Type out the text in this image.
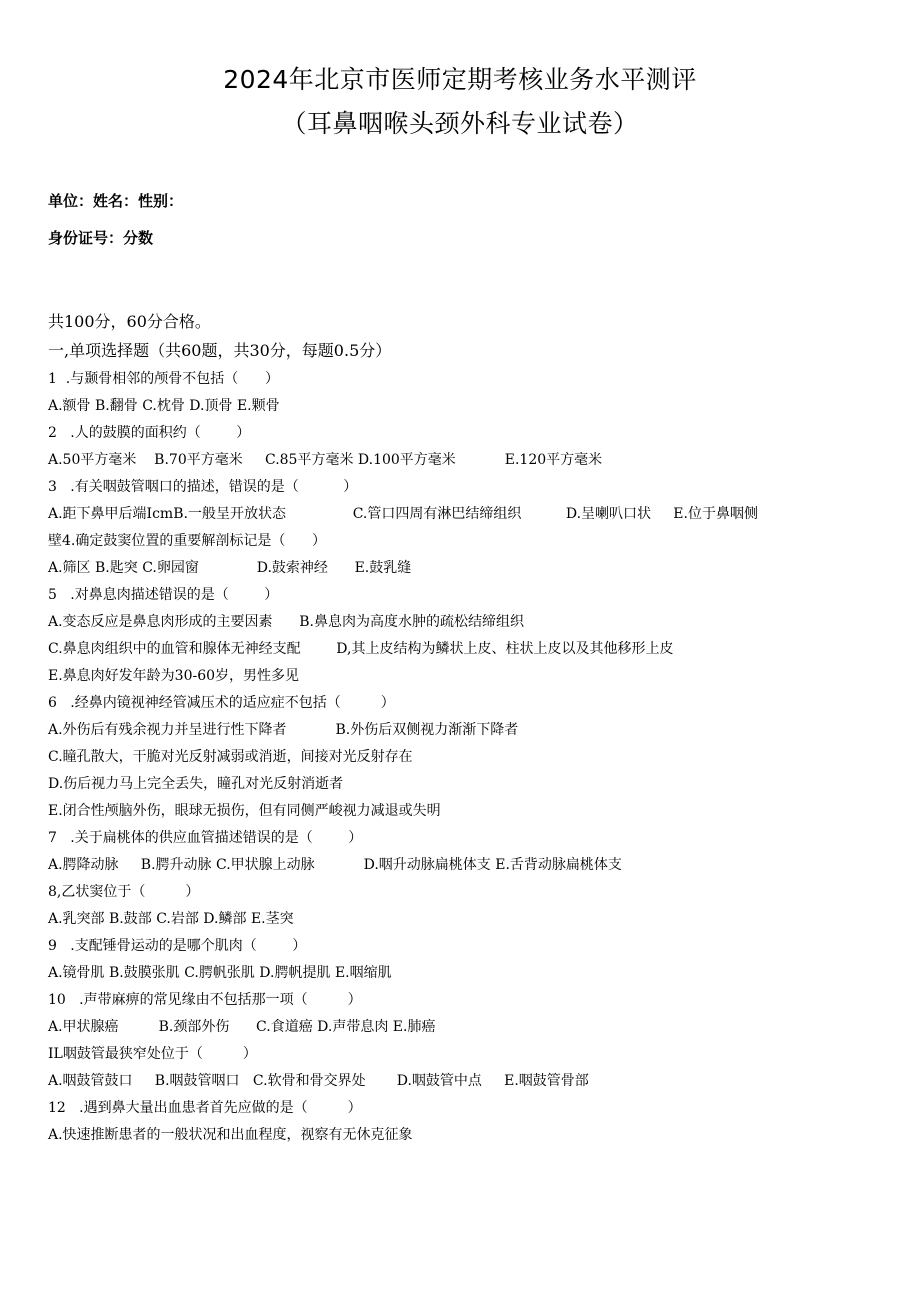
2024年北京市医师定期考核业务水平测评
（耳鼻咽喉头颈外科专业试卷）
单位：姓名：性别：
身份证号：分数
共100分，60分合格。
一,单项选择题（共60题，共30分，每题0.5分）
1  .与颞骨相邻的颅骨不包括（      ）
A.额骨 B.翻骨 C.枕骨 D.顶骨 E.颗骨
2   .人的鼓膜的面积约（        ）
A.50平方毫米    B.70平方毫米     C.85平方毫米 D.100平方毫米           E.120平方毫米
3   .有关咽鼓管咽口的描述，错误的是（          ）
A.距下鼻甲后端IcmB.一般呈开放状态               C.管口四周有淋巴结缔组织          D.呈喇叭口状     E.位于鼻咽侧
壁4.确定鼓窦位置的重要解剖标记是（      ）
A.筛区 B.匙突 C.卵园窗             D.鼓索神经      E.鼓乳缝
5   .对鼻息肉描述错误的是（        ）
A.变态反应是鼻息肉形成的主要因素      B.鼻息肉为高度水肿的疏松结缔组织
C.鼻息肉组织中的血管和腺体无神经支配        D,其上皮结构为鳞状上皮、柱状上皮以及其他移形上皮
E.鼻息肉好发年龄为30-60岁，男性多见
6   .经鼻内镜视神经管减压术的适应症不包括（         ）
A.外伤后有残余视力并呈进行性下降者           B.外伤后双侧视力渐渐下降者
C.瞳孔散大，干脆对光反射减弱或消逝，间接对光反射存在
D.伤后视力马上完全丢失，瞳孔对光反射消逝者
E.闭合性颅脑外伤，眼球无损伤，但有同侧严峻视力减退或失明
7   .关于扁桃体的供应血管描述错误的是（        ）
A.腭降动脉     B.腭升动脉 C.甲状腺上动脉           D.咽升动脉扁桃体支 E.舌背动脉扁桃体支
8,乙状窦位于（         ）
A.乳突部 B.鼓部 C.岩部 D.鳞部 E.茎突
9   .支配锤骨运动的是哪个肌肉（        ）
A.镜骨肌 B.鼓膜张肌 C.腭帆张肌 D.腭帆提肌 E.咽缩肌
10   .声带麻痹的常见缘由不包括那一项（         ）
A.甲状腺癌         B.颈部外伤      C.食道癌 D.声带息肉 E.肺癌
IL咽鼓管最狭窄处位于（         ）
A.咽鼓管鼓口     B.咽鼓管咽口   C.软骨和骨交界处       D.咽鼓管中点     E.咽鼓管骨部
12   .遇到鼻大量出血患者首先应做的是（         ）
A.快速推断患者的一般状况和出血程度，视察有无休克征象
